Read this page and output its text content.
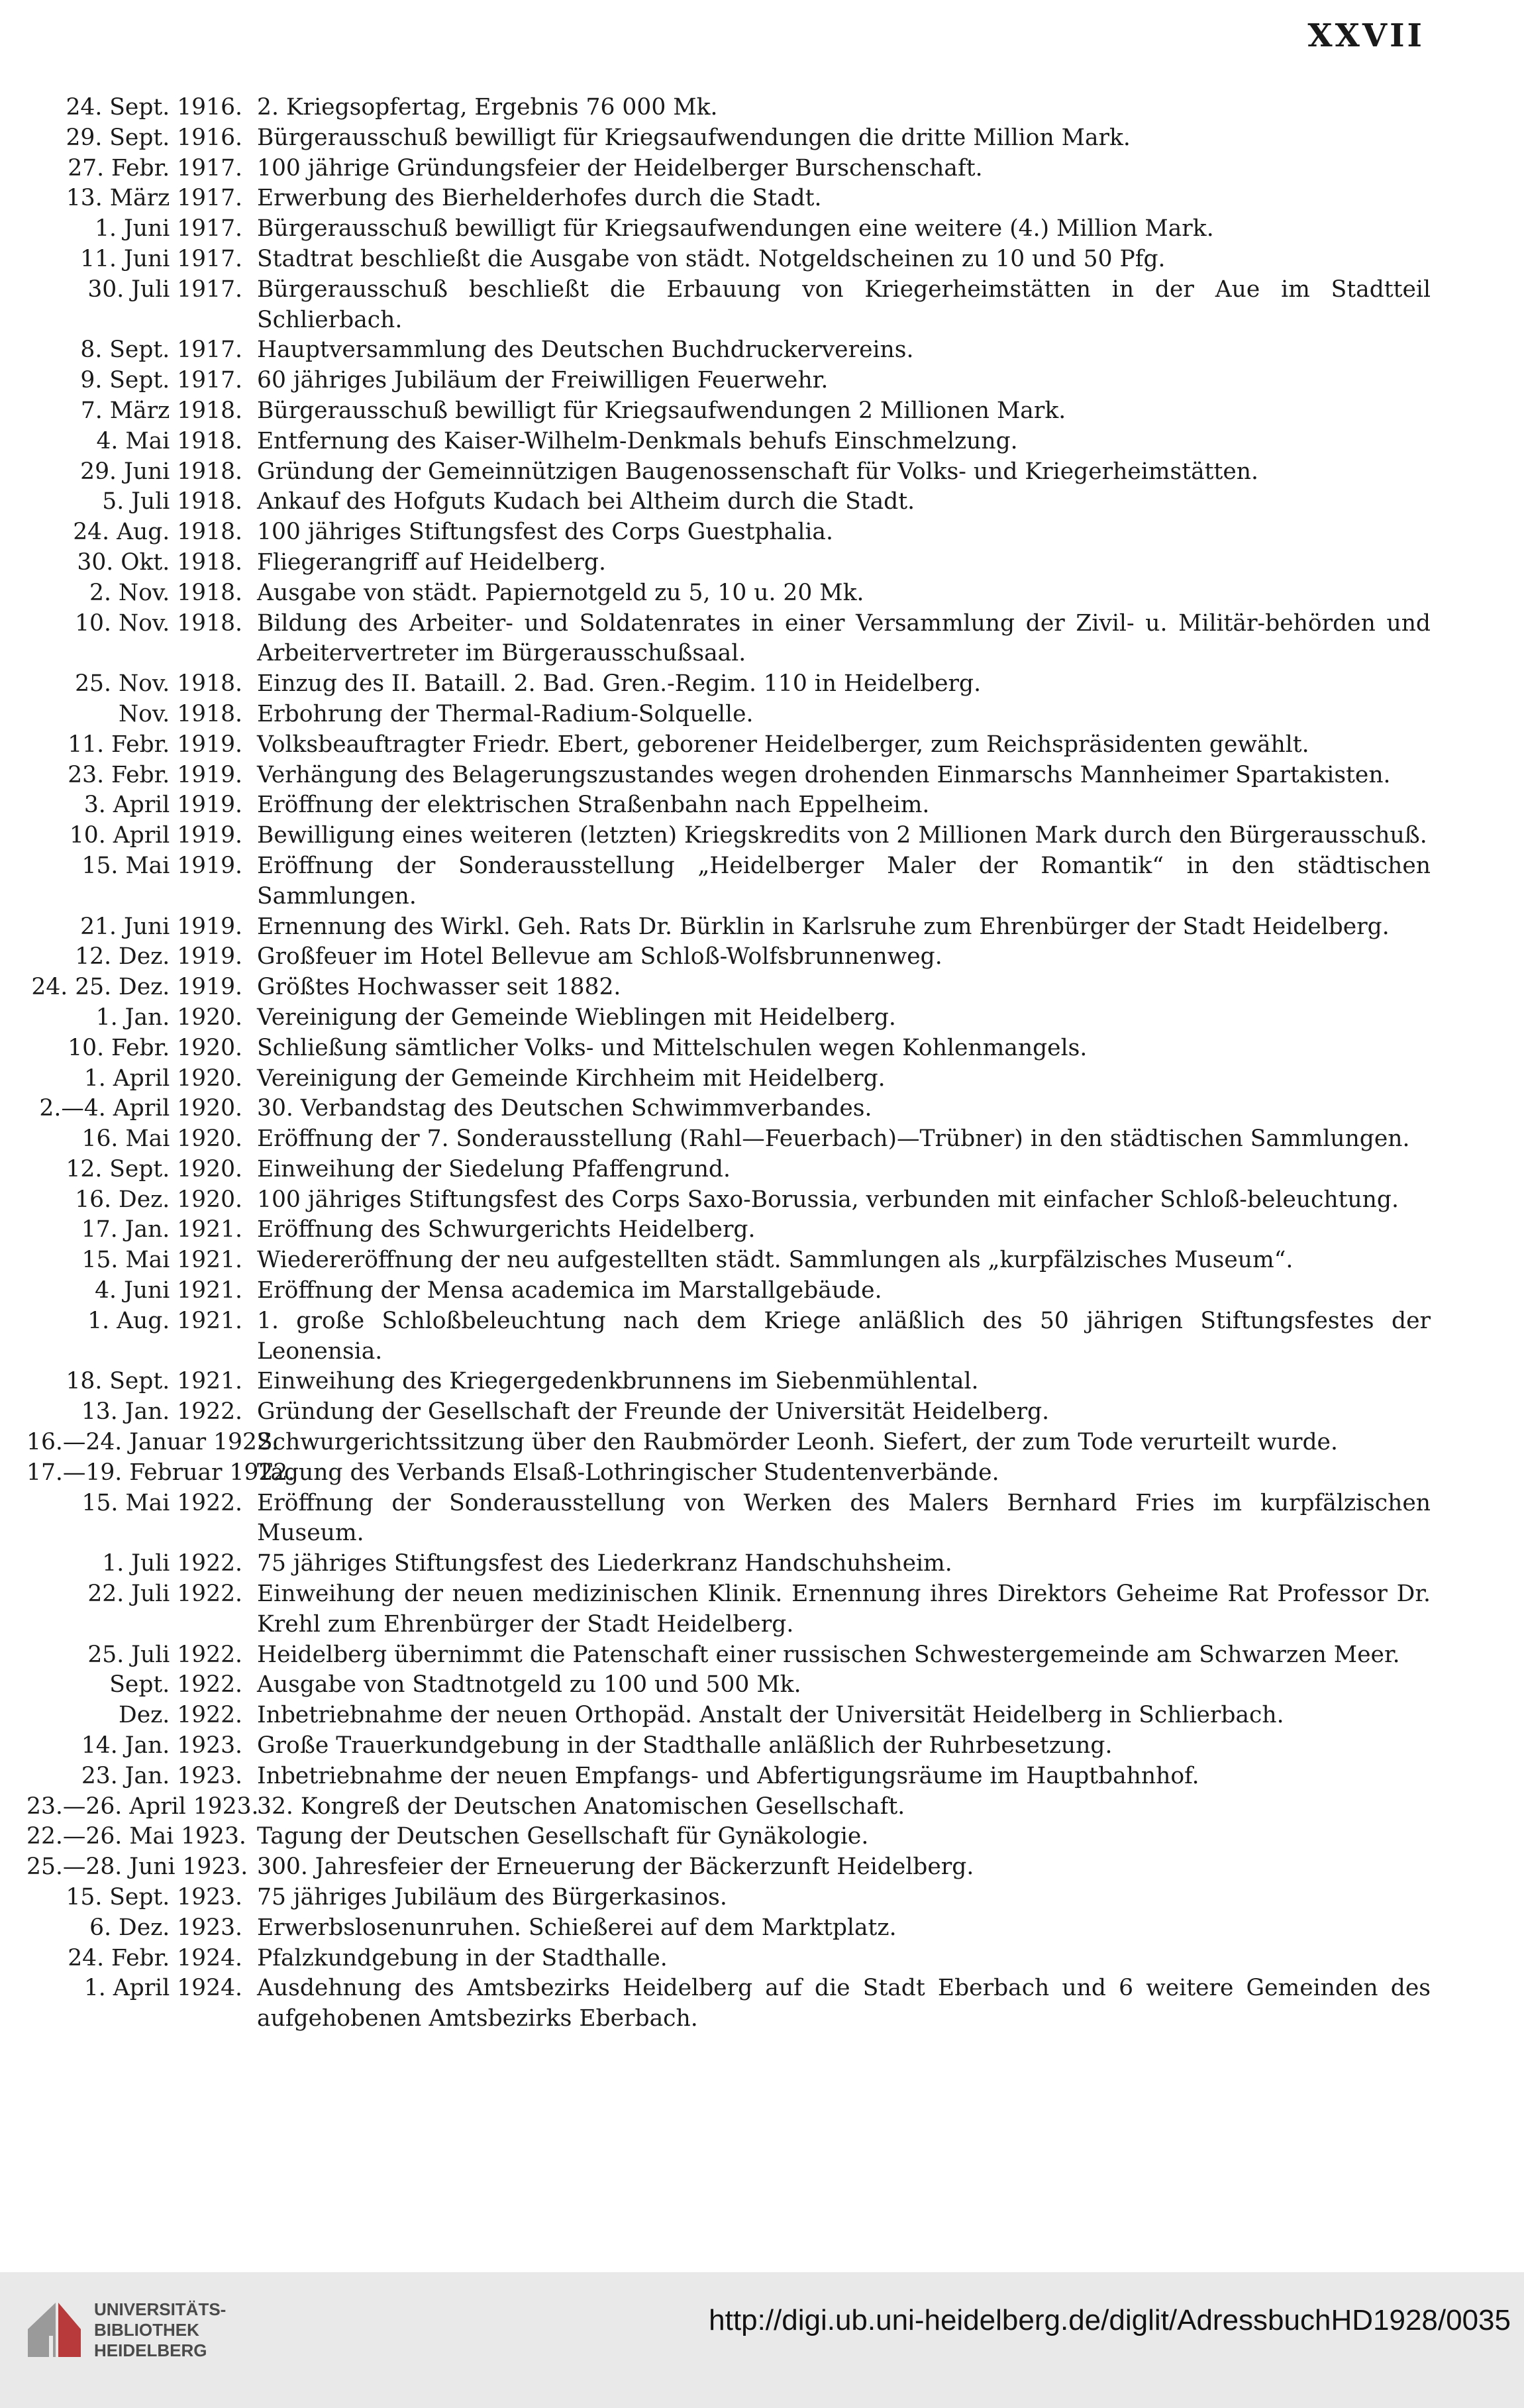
XXVII
24. Sept. 1916. 2. Kriegsopfertag, Ergebnis 76 000 Mk.
29. Sept. 1916. Bürgerausschuß bewilligt für Kriegsaufwendungen die dritte Million Mark.
27. Febr. 1917. 100 jährige Gründungsfeier der Heidelberger Burschenschaft.
13. März 1917. Erwerbung des Bierhelderhofes durch die Stadt.
1. Juni 1917. Bürgerausschuß bewilligt für Kriegsaufwendungen eine weitere (4.) Million Mark.
11. Juni 1917. Stadtrat beschließt die Ausgabe von städt. Notgeldscheinen zu 10 und 50 Pfg.
30. Juli 1917. Bürgerausschuß beschließt die Erbauung von Kriegerheimstätten in der Aue im Stadtteil Schlierbach.
8. Sept. 1917. Hauptversammlung des Deutschen Buchdruckervereins.
9. Sept. 1917. 60 jähriges Jubiläum der Freiwilligen Feuerwehr.
7. März 1918. Bürgerausschuß bewilligt für Kriegsaufwendungen 2 Millionen Mark.
4. Mai 1918. Entfernung des Kaiser-Wilhelm-Denkmals behufs Einschmelzung.
29. Juni 1918. Gründung der Gemeinnützigen Baugenossenschaft für Volks- und Kriegerheimstätten.
5. Juli 1918. Ankauf des Hofguts Kudach bei Altheim durch die Stadt.
24. Aug. 1918. 100 jähriges Stiftungsfest des Corps Guestphalia.
30. Okt. 1918. Fliegerangriff auf Heidelberg.
2. Nov. 1918. Ausgabe von städt. Papiernotgeld zu 5, 10 u. 20 Mk.
10. Nov. 1918. Bildung des Arbeiter- und Soldatenrates in einer Versammlung der Zivil- u. Militär-behörden und Arbeitervertreter im Bürgerausschußsaal.
25. Nov. 1918. Einzug des II. Bataill. 2. Bad. Gren.-Regim. 110 in Heidelberg.
Nov. 1918. Erbohrung der Thermal-Radium-Solquelle.
11. Febr. 1919. Volksbeauftragter Friedr. Ebert, geborener Heidelberger, zum Reichspräsidenten gewählt.
23. Febr. 1919. Verhängung des Belagerungszustandes wegen drohenden Einmarschs Mannheimer Spartakisten.
3. April 1919. Eröffnung der elektrischen Straßenbahn nach Eppelheim.
10. April 1919. Bewilligung eines weiteren (letzten) Kriegskredits von 2 Millionen Mark durch den Bürgerausschuß.
15. Mai 1919. Eröffnung der Sonderausstellung „Heidelberger Maler der Romantik“ in den städtischen Sammlungen.
21. Juni 1919. Ernennung des Wirkl. Geh. Rats Dr. Bürklin in Karlsruhe zum Ehrenbürger der Stadt Heidelberg.
12. Dez. 1919. Großfeuer im Hotel Bellevue am Schloß-Wolfsbrunnenweg.
24. 25. Dez. 1919. Größtes Hochwasser seit 1882.
1. Jan. 1920. Vereinigung der Gemeinde Wieblingen mit Heidelberg.
10. Febr. 1920. Schließung sämtlicher Volks- und Mittelschulen wegen Kohlenmangels.
1. April 1920. Vereinigung der Gemeinde Kirchheim mit Heidelberg.
2.—4. April 1920. 30. Verbandstag des Deutschen Schwimmverbandes.
16. Mai 1920. Eröffnung der 7. Sonderausstellung (Rahl—Feuerbach)—Trübner) in den städtischen Sammlungen.
12. Sept. 1920. Einweihung der Siedelung Pfaffengrund.
16. Dez. 1920. 100 jähriges Stiftungsfest des Corps Saxo-Borussia, verbunden mit einfacher Schloß-beleuchtung.
17. Jan. 1921. Eröffnung des Schwurgerichts Heidelberg.
15. Mai 1921. Wiedereröffnung der neu aufgestellten städt. Sammlungen als „kurpfälzisches Museum“.
4. Juni 1921. Eröffnung der Mensa academica im Marstallgebäude.
1. Aug. 1921. 1. große Schloßbeleuchtung nach dem Kriege anläßlich des 50 jährigen Stiftungsfestes der Leonensia.
18. Sept. 1921. Einweihung des Kriegergedenkbrunnens im Siebenmühlental.
13. Jan. 1922. Gründung der Gesellschaft der Freunde der Universität Heidelberg.
16.—24. Januar 1922.
Schwurgerichtssitzung über den Raubmörder Leonh. Siefert, der zum Tode verurteilt wurde.
17.—19. Februar 1922.
Tagung des Verbands Elsaß-Lothringischer Studentenverbände.
15. Mai 1922. Eröffnung der Sonderausstellung von Werken des Malers Bernhard Fries im kurpfälzischen Museum.
1. Juli 1922. 75 jähriges Stiftungsfest des Liederkranz Handschuhsheim.
22. Juli 1922. Einweihung der neuen medizinischen Klinik. Ernennung ihres Direktors Geheime Rat Professor Dr. Krehl zum Ehrenbürger der Stadt Heidelberg.
25. Juli 1922. Heidelberg übernimmt die Patenschaft einer russischen Schwestergemeinde am Schwarzen Meer.
Sept. 1922. Ausgabe von Stadtnotgeld zu 100 und 500 Mk.
Dez. 1922. Inbetriebnahme der neuen Orthopäd. Anstalt der Universität Heidelberg in Schlierbach.
14. Jan. 1923. Große Trauerkundgebung in der Stadthalle anläßlich der Ruhrbesetzung.
23. Jan. 1923. Inbetriebnahme der neuen Empfangs- und Abfertigungsräume im Hauptbahnhof.
23.—26. April 1923.
32. Kongreß der Deutschen Anatomischen Gesellschaft.
22.—26. Mai 1923. Tagung der Deutschen Gesellschaft für Gynäkologie.
25.—28. Juni 1923. 300. Jahresfeier der Erneuerung der Bäckerzunft Heidelberg.
15. Sept. 1923. 75 jähriges Jubiläum des Bürgerkasinos.
6. Dez. 1923. Erwerbslosenunruhen. Schießerei auf dem Marktplatz.
24. Febr. 1924. Pfalzkundgebung in der Stadthalle.
1. April 1924. Ausdehnung des Amtsbezirks Heidelberg auf die Stadt Eberbach und 6 weitere Gemeinden des aufgehobenen Amtsbezirks Eberbach.
UNIVERSITÄTS-
BIBLIOTHEK
HEIDELBERG
http://digi.ub.uni-heidelberg.de/diglit/AdressbuchHD1928/0035
